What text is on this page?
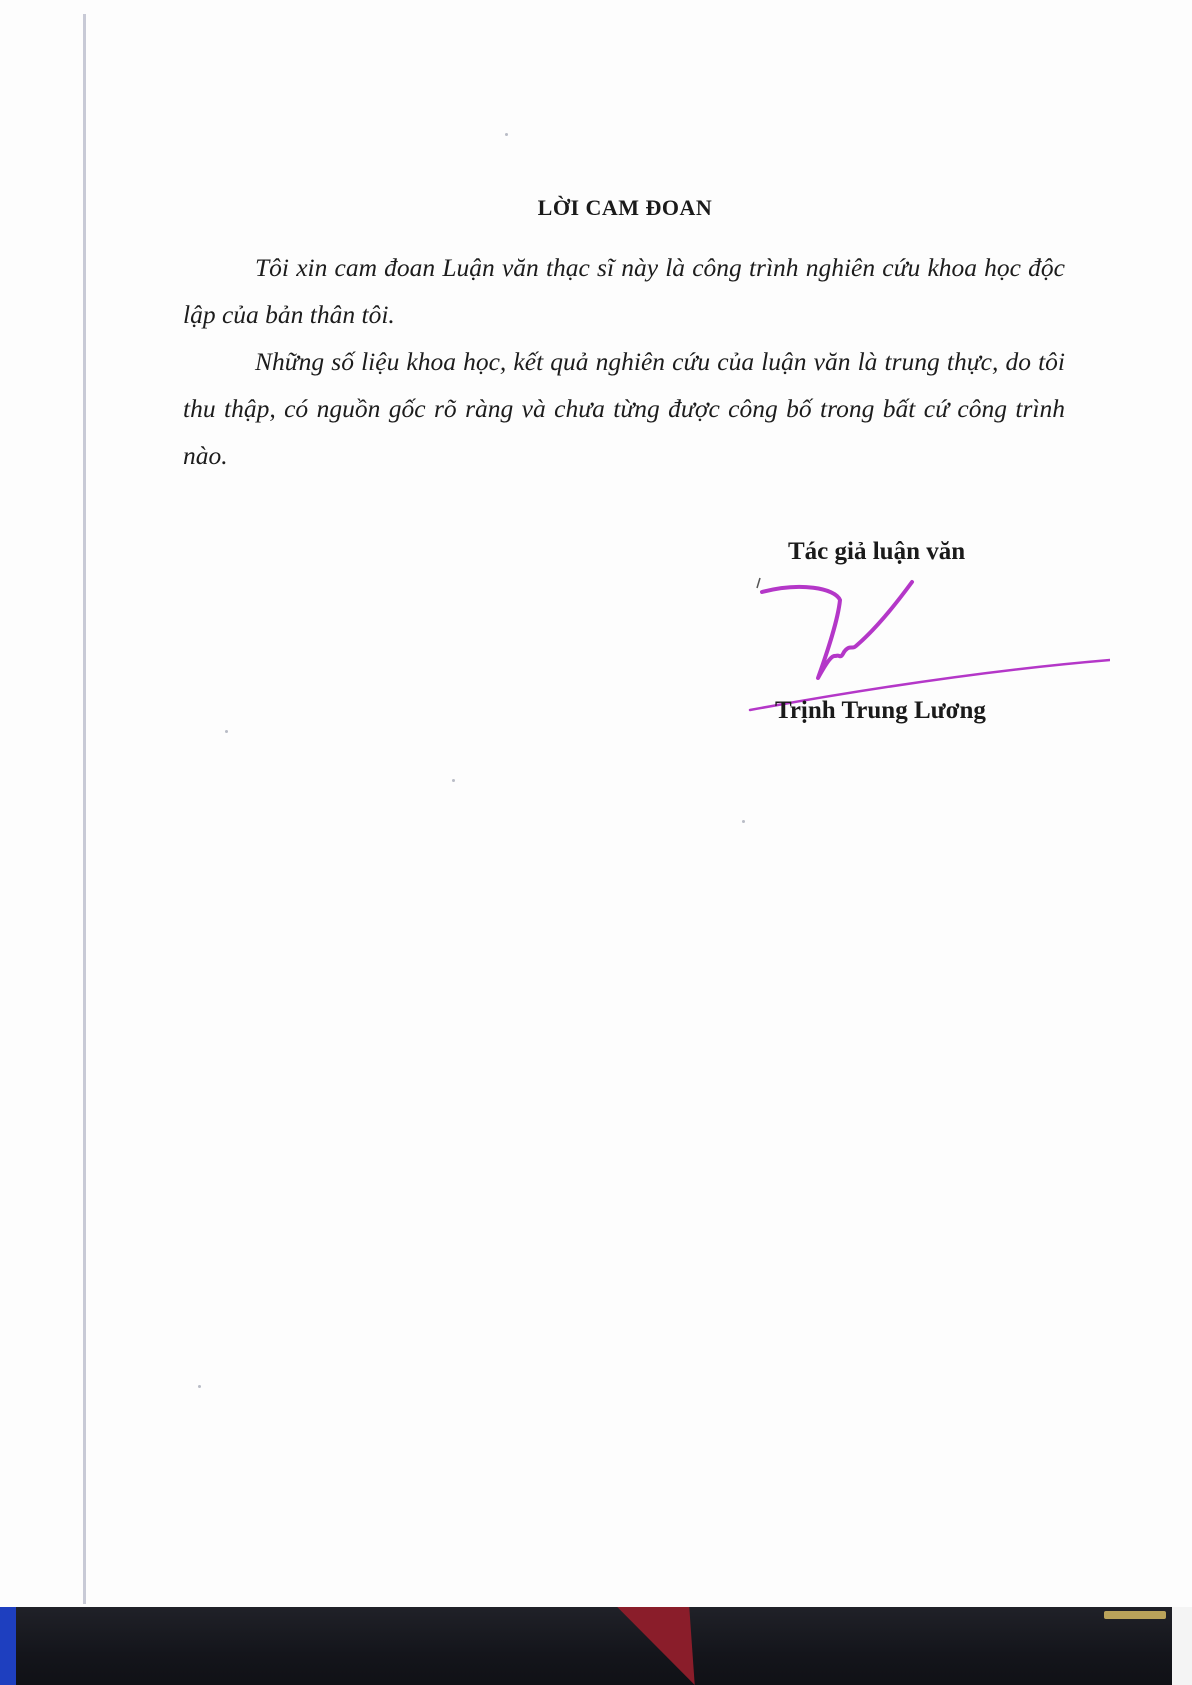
LỜI CAM ĐOAN

Tôi xin cam đoan Luận văn thạc sĩ này là công trình nghiên cứu khoa học độc lập của bản thân tôi.

Những số liệu khoa học, kết quả nghiên cứu của luận văn là trung thực, do tôi thu thập, có nguồn gốc rõ ràng và chưa từng được công bố trong bất cứ công trình nào.

Tác giả luận văn
Trịnh Trung Lương
